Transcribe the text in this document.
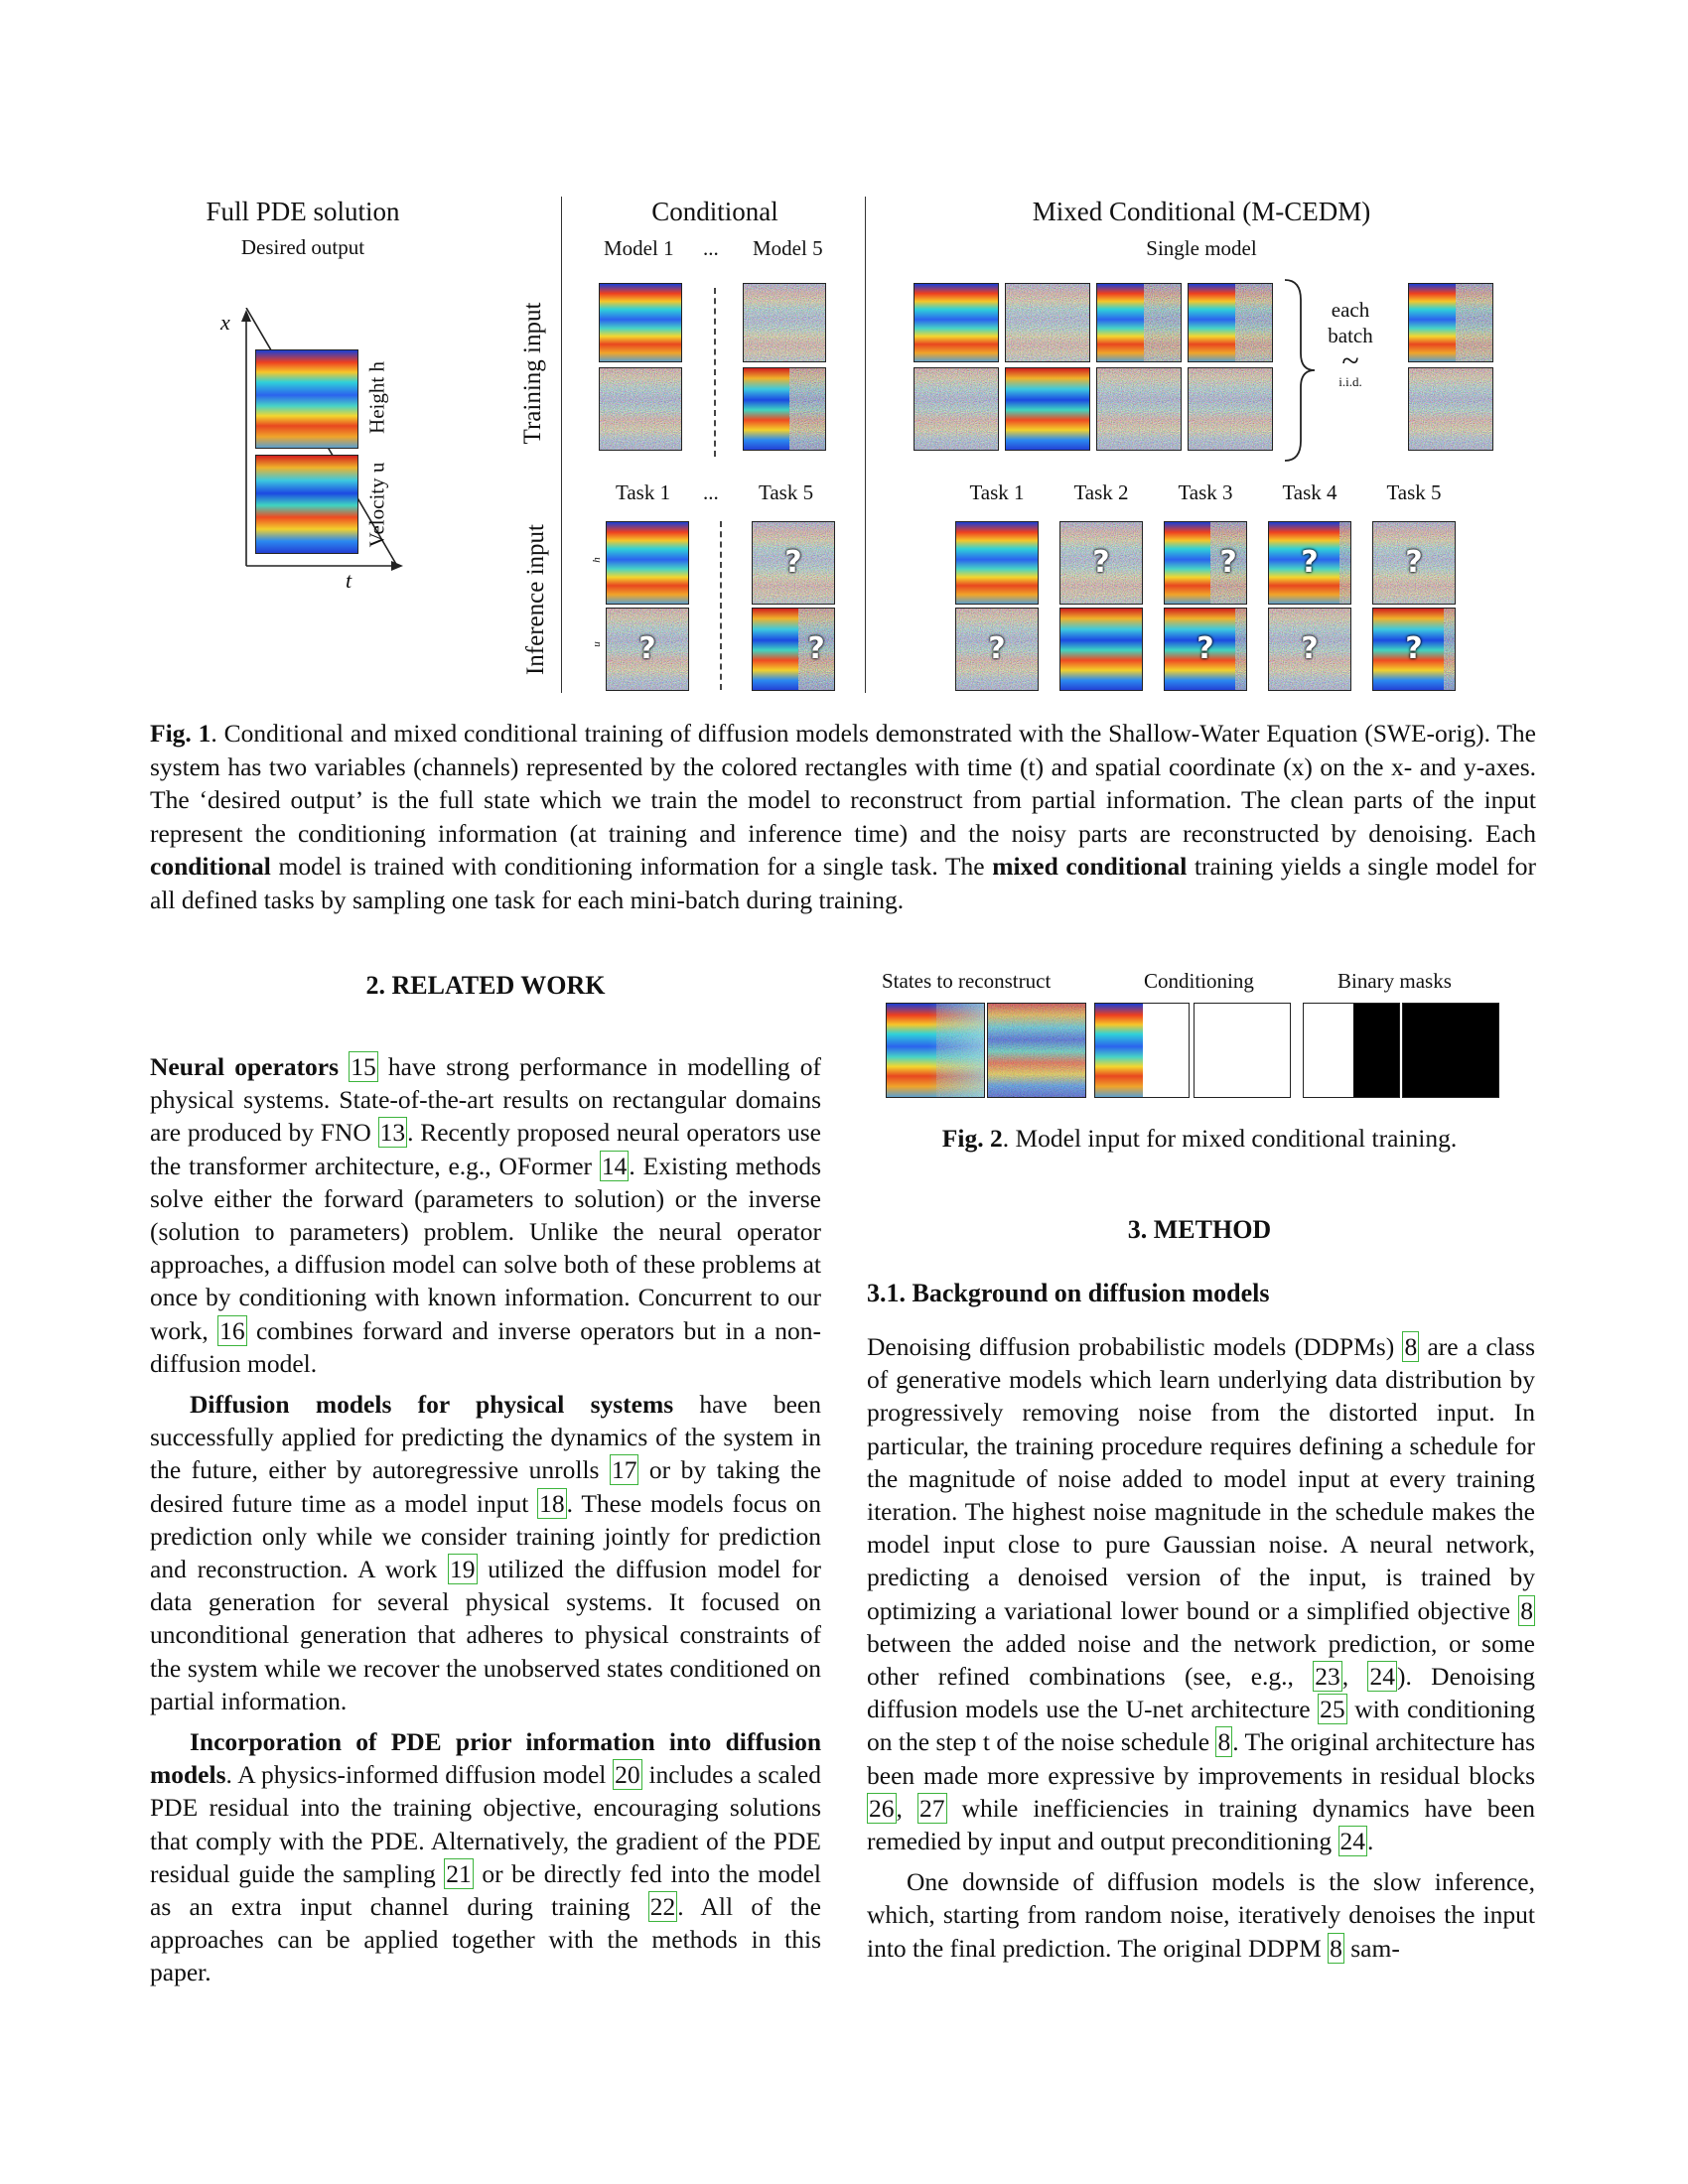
Full PDE solution
Desired output
x
t
Height h
Velocity u
Conditional
Model 1 ... Model 5
Training input
Inference input	h
u	?
?
?
Task 1 ... Task 5
Mixed Conditional (M-CEDM)
Single model
?
?	?
?
?
?
?
?
each
batch
~
i.i.d.
Task 1	Task 2	Task 3	Task 4	Task 5
Fig. 1. Conditional and mixed conditional training of diffusion models demonstrated with the Shallow-Water Equation (SWE-orig). The system has two variables (channels) represented by the colored rectangles with time (t) and spatial coordinate (x) on the x- and y-axes. The ‘desired output’ is the full state which we train the model to reconstruct from partial information. The clean parts of the input represent the conditioning information (at training and inference time) and the noisy parts are reconstructed by denoising. Each conditional model is trained with conditioning information for a single task. The mixed conditional training yields a single model for all defined tasks by sampling one task for each mini-batch during training.
2. RELATED WORK

Neural operators 15 have strong performance in modelling of physical systems. State-of-the-art results on rectangular domains are produced by FNO 13. Recently proposed neural operators use the transformer architecture, e.g., OFormer 14. Existing methods solve either the forward (parameters to solution) or the inverse (solution to parameters) problem. Unlike the neural operator approaches, a diffusion model can solve both of these problems at once by conditioning with known information. Concurrent to our work, 16 combines forward and inverse operators but in a non-diffusion model.

Diffusion models for physical systems have been successfully applied for predicting the dynamics of the system in the future, either by autoregressive unrolls 17 or by taking the desired future time as a model input 18. These models focus on prediction only while we consider training jointly for prediction and reconstruction. A work 19 utilized the diffusion model for data generation for several physical systems. It focused on unconditional generation that adheres to physical constraints of the system while we recover the unobserved states conditioned on partial information.

Incorporation of PDE prior information into diffusion models. A physics-informed diffusion model 20 includes a scaled PDE residual into the training objective, encouraging solutions that comply with the PDE. Alternatively, the gradient of the PDE residual guide the sampling 21 or be directly fed into the model as an extra input channel during training 22. All of the approaches can be applied together with the methods in this paper.

States to reconstruct	Conditioning	Binary masks
Fig. 2. Model input for mixed conditional training.
3. METHOD
3.1. Background on diffusion models

Denoising diffusion probabilistic models (DDPMs) 8 are a class of generative models which learn underlying data distribution by progressively removing noise from the distorted input. In particular, the training procedure requires defining a schedule for the magnitude of noise added to model input at every training iteration. The highest noise magnitude in the schedule makes the model input close to pure Gaussian noise. A neural network, predicting a denoised version of the input, is trained by optimizing a variational lower bound or a simplified objective 8 between the added noise and the network prediction, or some other refined combinations (see, e.g., 23, 24). Denoising diffusion models use the U-net architecture 25 with conditioning on the step t of the noise schedule 8. The original architecture has been made more expressive by improvements in residual blocks 26, 27 while inefficiencies in training dynamics have been remedied by input and output preconditioning 24.

One downside of diffusion models is the slow inference, which, starting from random noise, iteratively denoises the input into the final prediction. The original DDPM 8 sam-
